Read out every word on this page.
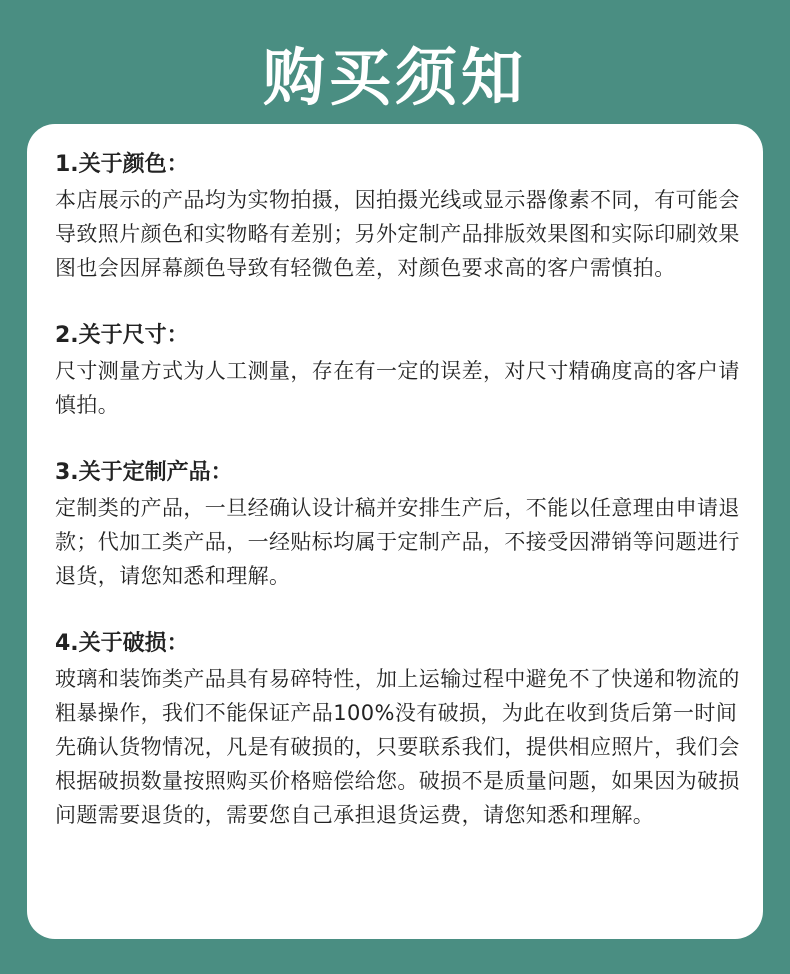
购买须知
1.关于颜色：
本店展示的产品均为实物拍摄，因拍摄光线或显示器像素不同，有可能会导致照片颜色和实物略有差别；另外定制产品排版效果图和实际印刷效果图也会因屏幕颜色导致有轻微色差，对颜色要求高的客户需慎拍。
2.关于尺寸：
尺寸测量方式为人工测量，存在有一定的误差，对尺寸精确度高的客户请慎拍。
3.关于定制产品：
定制类的产品，一旦经确认设计稿并安排生产后，不能以任意理由申请退款；代加工类产品，一经贴标均属于定制产品，不接受因滞销等问题进行退货，请您知悉和理解。
4.关于破损：
玻璃和装饰类产品具有易碎特性，加上运输过程中避免不了快递和物流的粗暴操作，我们不能保证产品100%没有破损，为此在收到货后第一时间先确认货物情况，凡是有破损的，只要联系我们，提供相应照片，我们会根据破损数量按照购买价格赔偿给您。破损不是质量问题，如果因为破损问题需要退货的，需要您自己承担退货运费，请您知悉和理解。
